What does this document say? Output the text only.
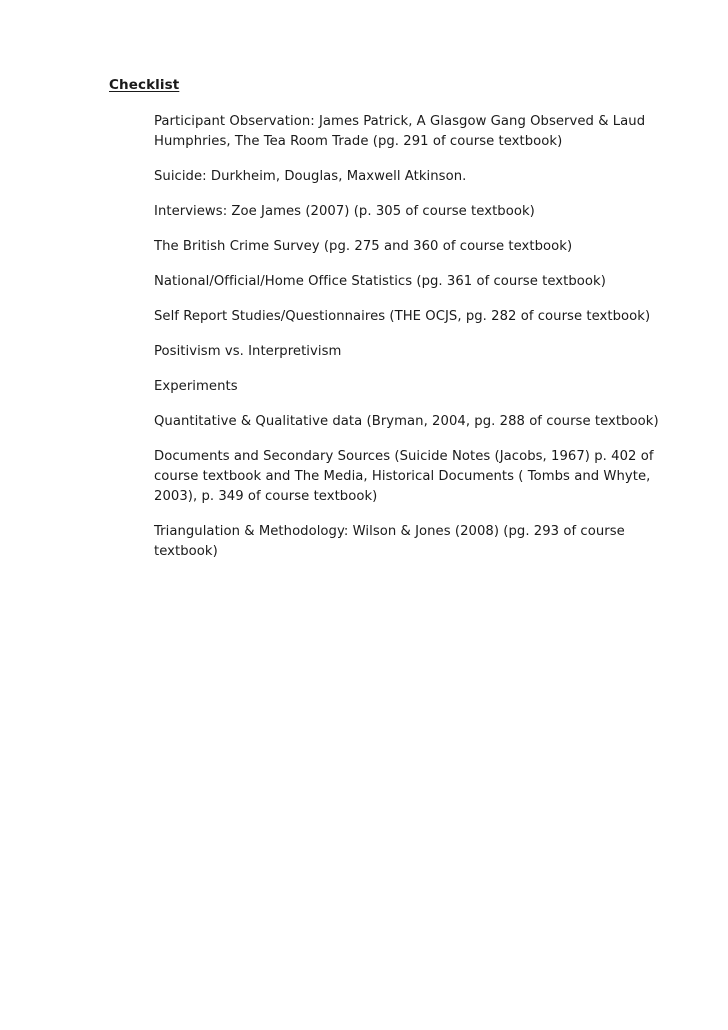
Checklist
Participant Observation: James Patrick, A Glasgow Gang Observed & Laud Humphries, The Tea Room Trade (pg. 291 of course textbook)
Suicide: Durkheim, Douglas, Maxwell Atkinson.
Interviews: Zoe James (2007) (p. 305 of course textbook)
The British Crime Survey (pg. 275 and 360 of course textbook)
National/Official/Home Office Statistics (pg. 361 of course textbook)
Self Report Studies/Questionnaires (THE OCJS, pg. 282 of course textbook)
Positivism vs. Interpretivism
Experiments
Quantitative & Qualitative data (Bryman, 2004, pg. 288 of course textbook)
Documents and Secondary Sources (Suicide Notes (Jacobs, 1967) p. 402 of course textbook and The Media, Historical Documents ( Tombs and Whyte, 2003), p. 349 of course textbook)
Triangulation & Methodology: Wilson & Jones (2008) (pg. 293 of course textbook)
